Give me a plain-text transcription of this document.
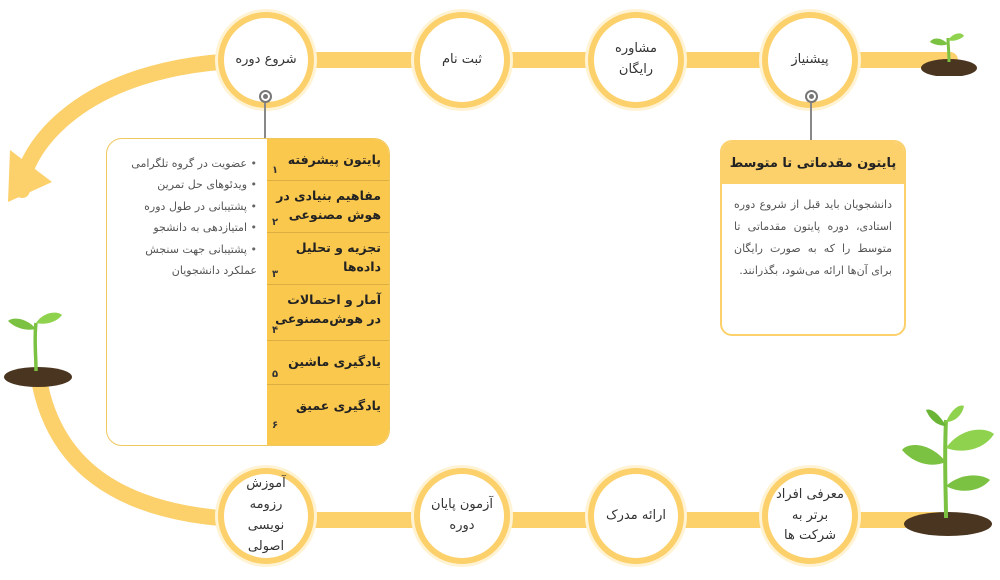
پیشنیاز
مشاوره رایگان
ثبت نام
شروع دوره
معرفی افراد برتر به شرکت ها
ارائه مدرک
آزمون پایان دوره
آموزش رزومه نویسی اصولی
پایتون مقدماتی تا متوسط
دانشجویان باید قبل از شروع دوره استادی، دوره پایتون مقدماتی تا متوسط را که به صورت رایگان برای آن‌ها ارائه می‌شود، بگذرانند.
پایتون پیشرفته
۱
مفاهیم بنیادی در هوش مصنوعی
۲
تجزیه و تحلیل داده‌ها
۳
آمار و احتمالات در هوش‌مصنوعی
۴
یادگیری ماشین
۵
یادگیری عمیق
۶
• عضویت در گروه تلگرامی
• ویدئوهای حل تمرین
• پشتیبانی در طول دوره
• امتیازدهی به دانشجو
• پشتیبانی جهت سنجش عملکرد دانشجویان
